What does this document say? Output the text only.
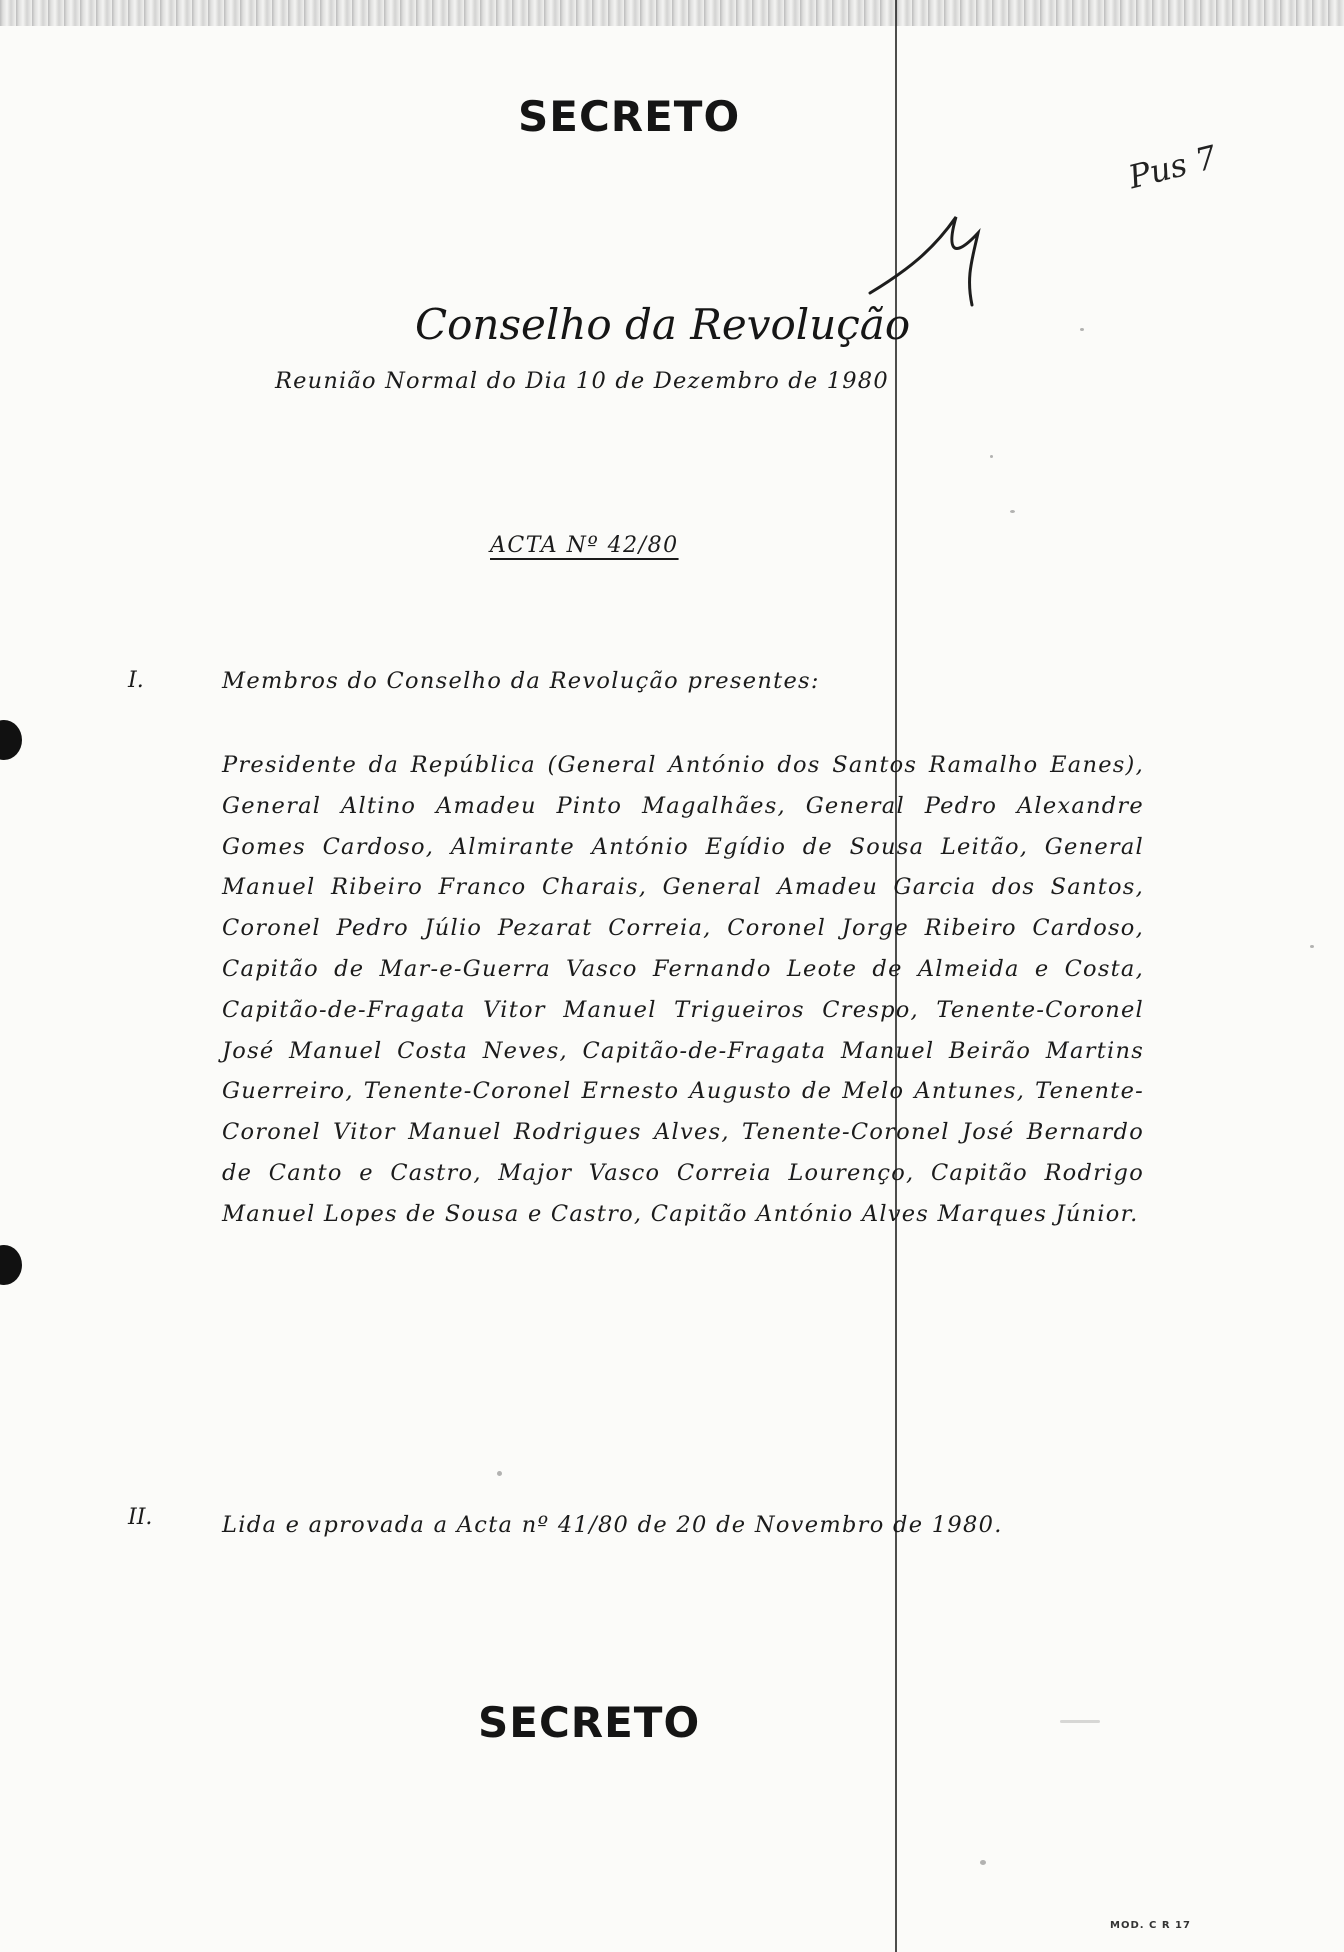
SECRETO
Pus 7
Conselho da Revolução
Reunião Normal do Dia 10 de Dezembro de 1980
ACTA Nº 42/80
I.	Membros do Conselho da Revolução presentes:
Presidente da República (General António dos Santos Ramalho Eanes), General Altino Amadeu Pinto Magalhães, General Pedro Alexandre Gomes Cardoso, Almirante António Egídio de Sousa Leitão, General Manuel Ribeiro Franco Charais, General Amadeu Garcia dos Santos, Coronel Pedro Júlio Pezarat Correia, Coronel Jorge Ribeiro Cardoso, Capitão de Mar-e-Guerra Vasco Fernando Leote de Almeida e Costa, Capitão-de-Fragata Vitor Manuel Trigueiros Crespo, Tenente-Coronel José Manuel Costa Neves, Capitão-de-Fragata Manuel Beirão Martins Guerreiro, Tenente-Coronel Ernesto Augusto de Melo Antunes, Tenente-Coronel Vitor Manuel Rodrigues Alves, Tenente-Coronel José Bernardo de Canto e Castro, Major Vasco Correia Lourenço, Capitão Rodrigo Manuel Lopes de Sousa e Castro, Capitão António Alves Marques Júnior.
II.	Lida e aprovada a Acta nº 41/80 de 20 de Novembro de 1980.
SECRETO
MOD. C R 17
